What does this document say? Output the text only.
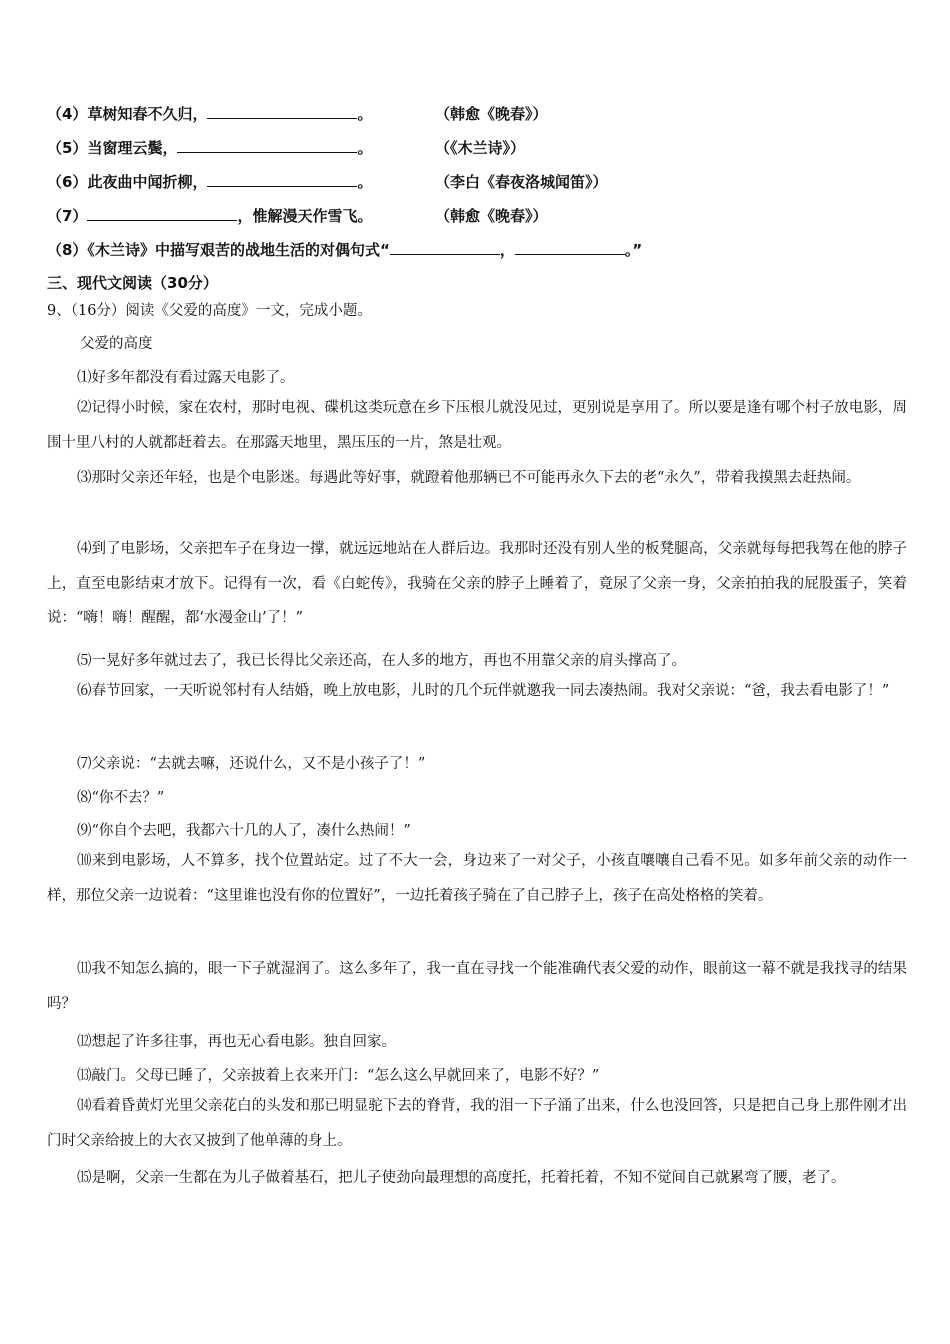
（4）草树知春不久归，	。	（韩愈《晚春》）
（5）当窗理云鬓，	。	（《木兰诗》）
（6）此夜曲中闻折柳，	。	（李白《春夜洛城闻笛》）
（7）	，惟解漫天作雪飞。	（韩愈《晚春》）
（8）《木兰诗》中描写艰苦的战地生活的对偶句式“	，	。”
三、现代文阅读（30分）
9、（16分）阅读《父爱的高度》一文，完成小题。
父爱的高度
⑴好多年都没有看过露天电影了。
⑵记得小时候，家在农村，那时电视、碟机这类玩意在乡下压根儿就没见过，更别说是享用了。所以要是逢有哪个村子放电影，周围十里八村的人就都赶着去。在那露天地里，黑压压的一片，煞是壮观。
⑶那时父亲还年轻，也是个电影迷。每遇此等好事，就蹬着他那辆已不可能再永久下去的老“永久”，带着我摸黑去赶热闹。
⑷到了电影场，父亲把车子在身边一撑，就远远地站在人群后边。我那时还没有别人坐的板凳腿高，父亲就每每把我驾在他的脖子上，直至电影结束才放下。记得有一次，看《白蛇传》，我骑在父亲的脖子上睡着了，竟尿了父亲一身，父亲拍拍我的屁股蛋子，笑着说：“嗨！嗨！醒醒，都‘水漫金山’了！”
⑸一晃好多年就过去了，我已长得比父亲还高，在人多的地方，再也不用靠父亲的肩头撑高了。
⑹春节回家，一天听说邻村有人结婚，晚上放电影，儿时的几个玩伴就邀我一同去凑热闹。我对父亲说：“爸，我去看电影了！”
⑺父亲说：“去就去嘛，还说什么，又不是小孩子了！”
⑻“你不去？”
⑼“你自个去吧，我都六十几的人了，凑什么热闹！”
⑽来到电影场，人不算多，找个位置站定。过了不大一会，身边来了一对父子，小孩直嚷嚷自己看不见。如多年前父亲的动作一样，那位父亲一边说着：“这里谁也没有你的位置好”，一边托着孩子骑在了自己脖子上，孩子在高处格格的笑着。
⑾我不知怎么搞的，眼一下子就湿润了。这么多年了，我一直在寻找一个能准确代表父爱的动作，眼前这一幕不就是我找寻的结果吗？
⑿想起了许多往事，再也无心看电影。独自回家。
⒀敲门。父母已睡了，父亲披着上衣来开门：“怎么这么早就回来了，电影不好？”
⒁看着昏黄灯光里父亲花白的头发和那已明显驼下去的脊背，我的泪一下子涌了出来，什么也没回答，只是把自己身上那件刚才出门时父亲给披上的大衣又披到了他单薄的身上。
⒂是啊，父亲一生都在为儿子做着基石，把儿子使劲向最理想的高度托，托着托着，不知不觉间自己就累弯了腰，老了。
